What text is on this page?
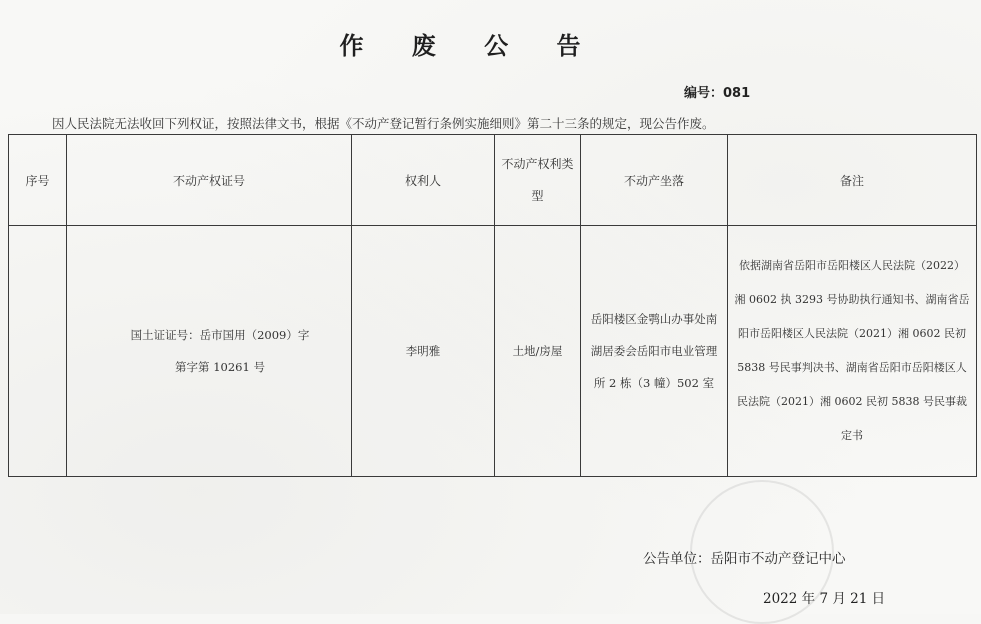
作 废 公 告
编号：081
因人民法院无法收回下列权证，按照法律文书，根据《不动产登记暂行条例实施细则》第二十三条的规定，现公告作废。
序号	不动产权证号	权利人	不动产权利类型	不动产坐落	备注

	国土证证号：岳市国用（2009）字第字第 10261 号	李明雅	土地/房屋	岳阳楼区金鹗山办事处南湖居委会岳阳市电业管理所 2 栋（3 幢）502 室	依据湖南省岳阳市岳阳楼区人民法院（2022）湘 0602 执 3293 号协助执行通知书、湖南省岳阳市岳阳楼区人民法院（2021）湘 0602 民初 5838 号民事判决书、湖南省岳阳市岳阳楼区人民法院（2021）湘 0602 民初 5838 号民事裁定书
公告单位：岳阳市不动产登记中心
2022 年 7 月 21 日
